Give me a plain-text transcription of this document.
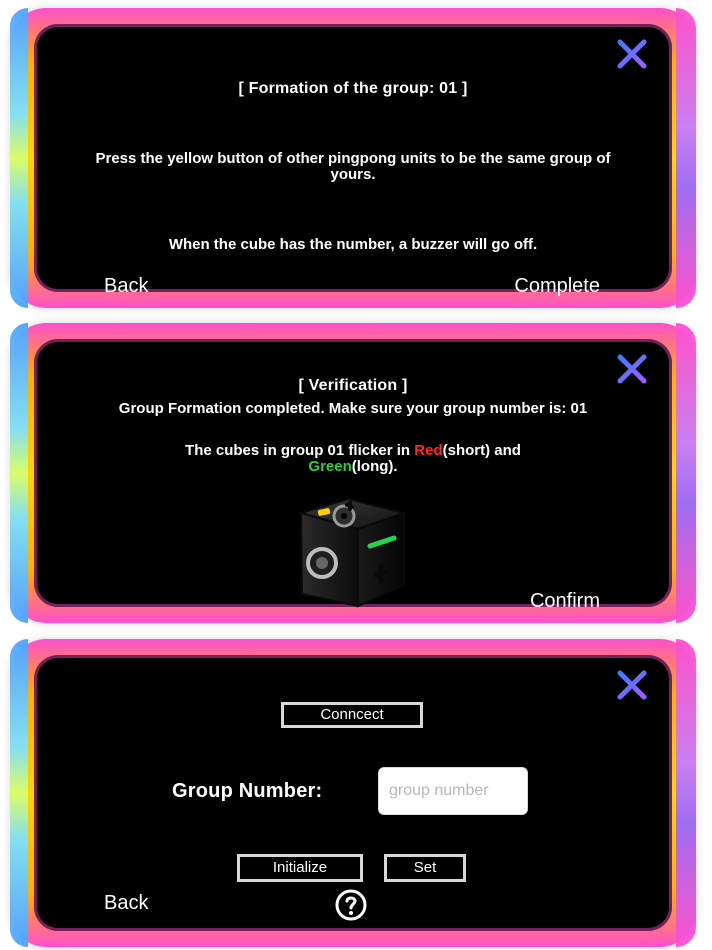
[ Formation of the group: 01 ]
Press the yellow button of other pingpong units to be the same group of yours.
When the cube has the number, a buzzer will go off.
Back	Complete
[ Verification ]
Group Formation completed. Make sure your group number is: 01
The cubes in group 01 flicker in Red(short) and
Green(long).
Confirm
Conncect
Group Number:
group number
Initialize	Set
Back
